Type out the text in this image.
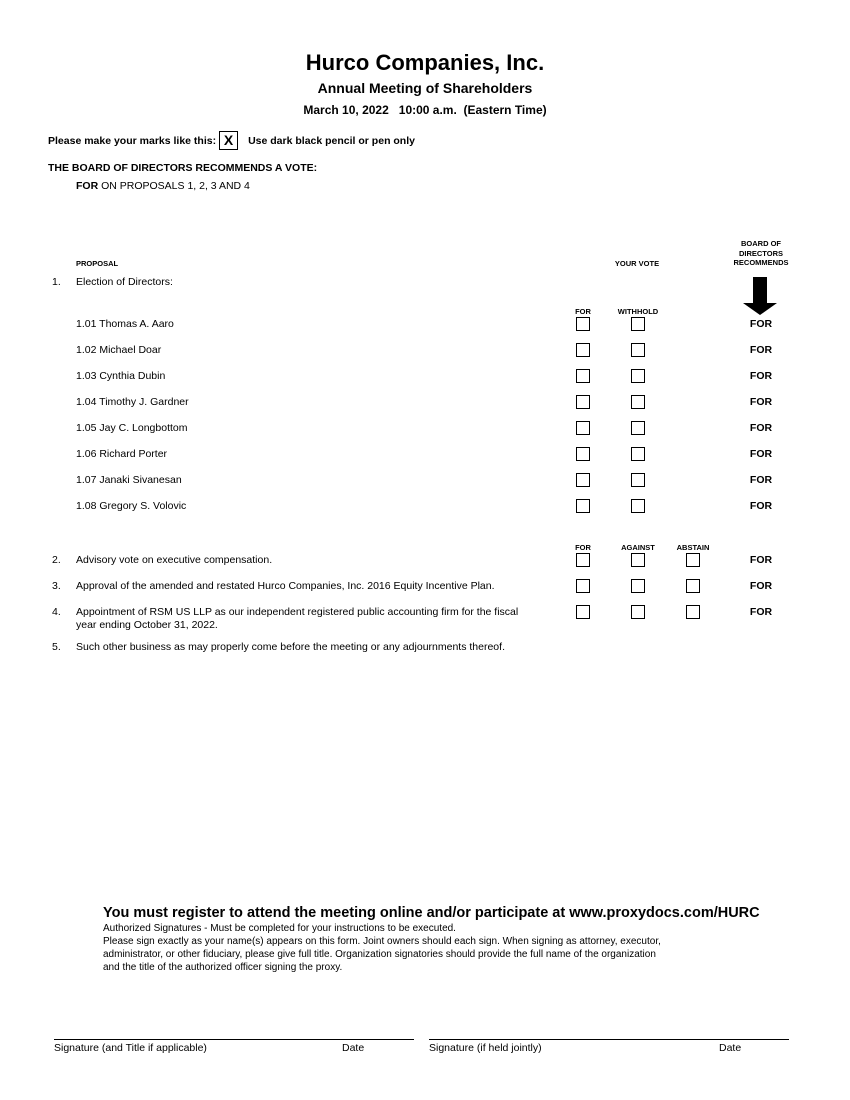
Hurco Companies, Inc.
Annual Meeting of Shareholders
March 10, 2022   10:00 a.m.  (Eastern Time)
Please make your marks like this: X	Use dark black pencil or pen only
THE BOARD OF DIRECTORS RECOMMENDS A VOTE:
FOR ON PROPOSALS 1, 2, 3 AND 4
PROPOSAL	YOUR VOTE
BOARD OF
DIRECTORS
RECOMMENDS
1. Election of Directors:
FOR	WITHHOLD
1.01 Thomas A. Aaro	FOR
1.02 Michael Doar	FOR
1.03 Cynthia Dubin	FOR
1.04 Timothy J. Gardner	FOR
1.05 Jay C. Longbottom	FOR
1.06 Richard Porter	FOR
1.07 Janaki Sivanesan	FOR
1.08 Gregory S. Volovic	FOR
FOR	AGAINST	ABSTAIN
2. Advisory vote on executive compensation.	FOR
3. Approval of the amended and restated Hurco Companies, Inc. 2016 Equity Incentive Plan.	FOR
4. Appointment of RSM US LLP as our independent registered public accounting firm for the fiscal
year ending October 31, 2022.
FOR
5. Such other business as may properly come before the meeting or any adjournments thereof.
You must register to attend the meeting online and/or participate at www.proxydocs.com/HURC
Authorized Signatures - Must be completed for your instructions to be executed.
Please sign exactly as your name(s) appears on this form. Joint owners should each sign. When signing as attorney, executor,
administrator, or other fiduciary, please give full title. Organization signatories should provide the full name of the organization
and the title of the authorized officer signing the proxy.
Signature (and Title if applicable)	Date	Signature (if held jointly)	Date
